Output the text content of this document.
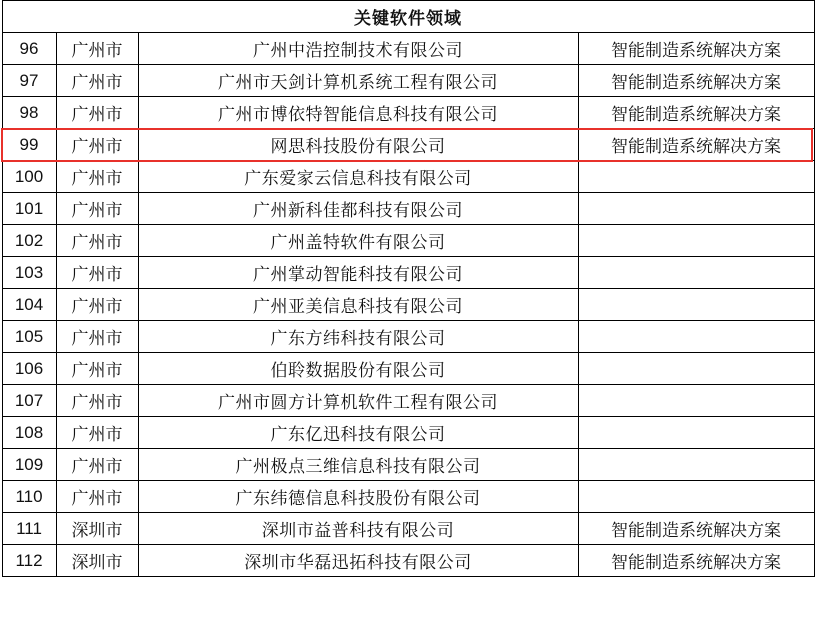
关键软件领域			
96	广州市	广州中浩控制技术有限公司	智能制造系统解决方案
97	广州市	广州市天剑计算机系统工程有限公司	智能制造系统解决方案
98	广州市	广州市博依特智能信息科技有限公司	智能制造系统解决方案
99	广州市	网思科技股份有限公司	智能制造系统解决方案
100	广州市	广东爱家云信息科技有限公司	
101	广州市	广州新科佳都科技有限公司	
102	广州市	广州盖特软件有限公司	
103	广州市	广州掌动智能科技有限公司	
104	广州市	广州亚美信息科技有限公司	
105	广州市	广东方纬科技有限公司	
106	广州市	伯聆数据股份有限公司	
107	广州市	广州市圆方计算机软件工程有限公司	
108	广州市	广东亿迅科技有限公司	
109	广州市	广州极点三维信息科技有限公司	
110	广州市	广东纬德信息科技股份有限公司	
111	深圳市	深圳市益普科技有限公司	智能制造系统解决方案
112	深圳市	深圳市华磊迅拓科技有限公司	智能制造系统解决方案
